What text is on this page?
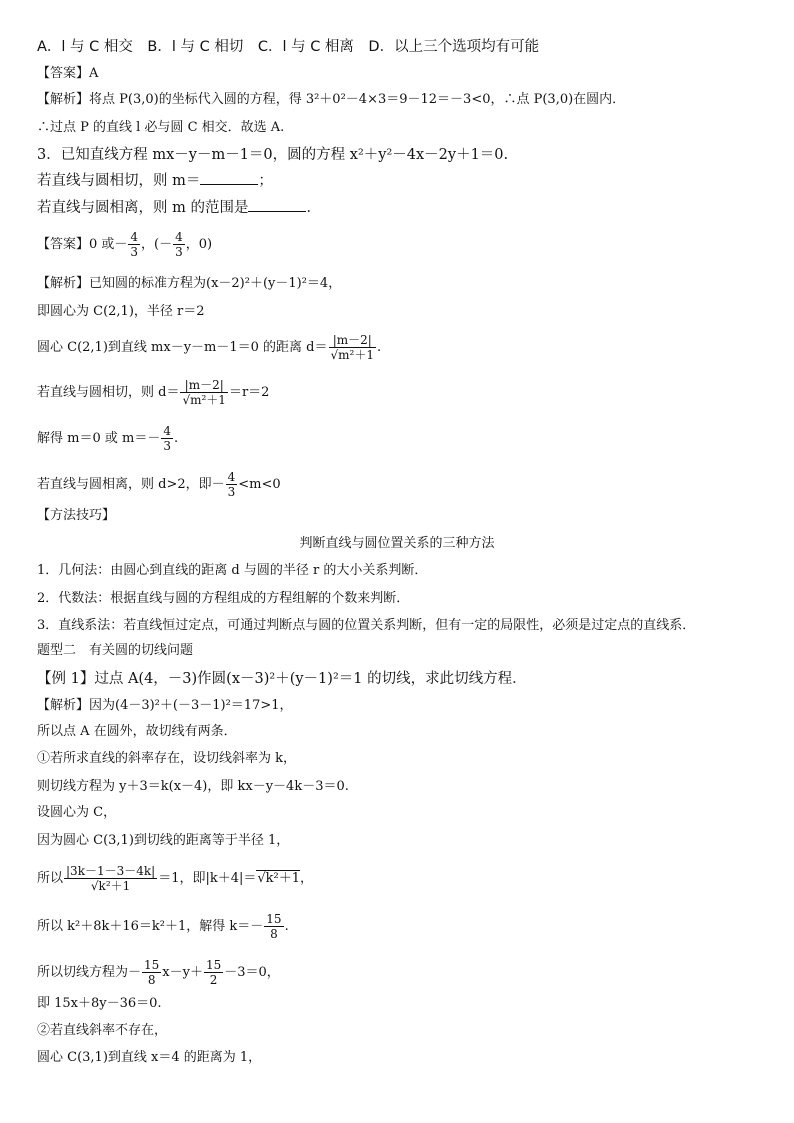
A．l 与 C 相交　B．l 与 C 相切　C．l 与 C 相离　D．以上三个选项均有可能
【答案】A
【解析】将点 P(3,0)的坐标代入圆的方程，得 3²＋0²－4×3＝9－12＝－3<0，∴点 P(3,0)在圆内．
∴过点 P 的直线 l 必与圆 C 相交．故选 A.
3．已知直线方程 mx－y－m－1＝0，圆的方程 x²＋y²－4x－2y＋1＝0.
若直线与圆相切，则 m＝	；
若直线与圆相离，则 m 的范围是	．
【答案】0 或－ $\frac{4}{3}$ ，(－ $\frac{4}{3}$ ，0)
【解析】已知圆的标准方程为(x－2)²＋(y－1)²＝4，
即圆心为 C(2,1)，半径 r＝2
圆心 C(2,1)到直线 mx－y－m－1＝0 的距离 $d= \frac{|m-2|}{\text{√m²＋1}}$ .
若直线与圆相切，则 $d= \frac{|m-2|}{\text{√m²＋1}} =r=2$
解得 m＝0 或 $m=- \frac{4}{3}$ .
若直线与圆相离，则 d>2，即－ $\frac{4}{3} <m<0$
【方法技巧】
判断直线与圆位置关系的三种方法
1．几何法：由圆心到直线的距离 d 与圆的半径 r 的大小关系判断．
2．代数法：根据直线与圆的方程组成的方程组解的个数来判断．
3．直线系法：若直线恒过定点，可通过判断点与圆的位置关系判断，但有一定的局限性，必须是过定点的直线系．
题型二　有关圆的切线问题
【例 1】过点 A(4，－3)作圆(x－3)²＋(y－1)²＝1 的切线，求此切线方程．
【解析】因为(4－3)²＋(－3－1)²＝17>1，
所以点 A 在圆外，故切线有两条．
①若所求直线的斜率存在，设切线斜率为 k，
则切线方程为 y＋3＝k(x－4)，即 kx－y－4k－3＝0.
设圆心为 C，
因为圆心 C(3,1)到切线的距离等于半径 1，
所以 $\frac{|3k-1-3-4k|}{\text{√k²＋1}} =1$，即|k＋4|＝√k²＋1，
所以 k²＋8k＋16＝k²＋1，解得 $k=- \frac{15}{8}$ .
所以切线方程为－ $\frac{15}{8} x-y+ \frac{15}{2} -3=0$，
即 15x＋8y－36＝0.
②若直线斜率不存在，
圆心 C(3,1)到直线 x＝4 的距离为 1，
